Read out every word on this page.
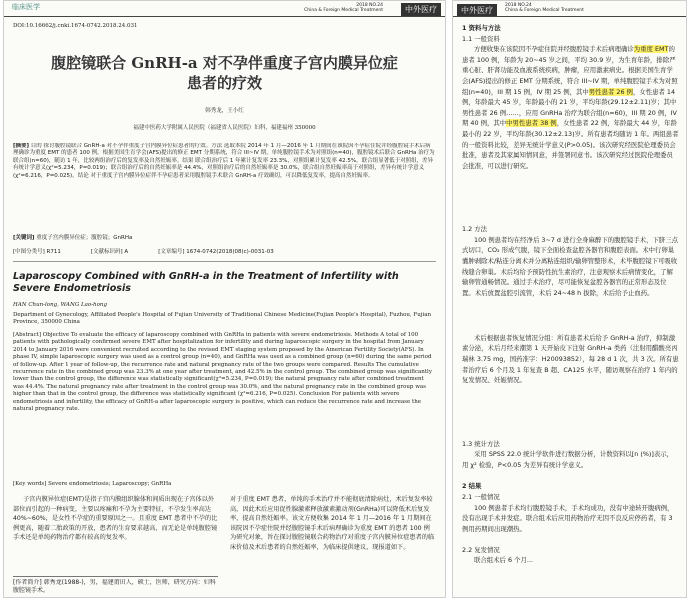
临床医学	2018 NO.24
China & Foreign Medical Treatment	中外医疗
DOI:10.16662/j.cnki.1674-0742.2018.24.031
腹腔镜联合 GnRH-a 对不孕伴重度子宫内膜异位症
患者的疗效
韩秀龙，王小红
福建中医药大学附属人民医院（福建省人民医院）妇科，福建福州 350000
[摘要] 目的 探讨腹腔镜联合 GnRH-a 对不孕伴重度子宫内膜异位症患者的疗效。方法 选取本院 2014 年 1 月—2016 年 1 月期间在该院因不孕症住院并经腹腔镜手术后病理确诊为重度 EMT 的患者 100 例，根据美国生育学会(AFS)提出的修正 EMT 分期系统，符合 III~IV 期，单纯腹腔镜手术为对照组(n=40)，腹腔镜术后联合 GnRHa 治疗为联合组(n=60)，随访 1 年，比较两组治疗后的复发率及自然妊娠率。结果 联合组治疗后 1 年累计复发率 23.3%，对照组累计复发率 42.5%，联合组显著低于对照组，差异有统计学意义(χ²=5.234，P=0.019)；联合组治疗后的自然妊娠率是 44.4%，对照组治疗后的自然妊娠率是 30.0%，联合组自然妊娠率高于对照组，差异有统计学意义(χ²=6.216，P=0.025)。结论 对于重度子宫内膜异位症伴不孕症患者采用腹腔镜手术联合 GnRH-a 疗效确切，可以降低复发率，提高自然妊娠率。
[关键词] 重度子宫内膜异位症；腹腔镜；GnRHa
[中图分类号] R711	[文献标识码] A	[文章编号] 1674-0742(2018)08(c)-0031-03
Laparoscopy Combined with GnRH-a in the Treatment of Infertility with
Severe Endometriosis
HAN Chun-long, WANG Lao-hong
Department of Gynecology, Affiliated People's Hospital of Fujian University of Traditional Chinese Medicine(Fujian People's Hospital), Fuzhou, Fujian Province, 350000 China
[Abstract] Objective To evaluate the efficacy of laparoscopy combined with GnRHa in patients with severe endometriosis. Methods A total of 100 patients with pathologically confirmed severe EMT after hospitalization for infertility and during laparoscopic surgery in the hospital from January 2014 to January 2016 were convenient recruited according to the revised EMT staging system proposed by the American Fertility Society(AFS). In phase IV, simple laparoscopic surgery was used as a control group (n=40), and GnRHa was used as a combined group (n=60) during the same period of follow-up. After 1 year of follow-up, the recurrence rate and natural pregnancy rate of the two groups were compared. Results The cumulative recurrence rate in the combined group was 23.3% at one year after treatment, and 42.5% in the control group. The combined group was significantly lower than the control group, the difference was statistically significant(χ²=5.234, P=0.019); the natural pregnancy rate after combined treatment was 44.4%. The natural pregnancy rate after treatment in the control group was 30.0%, and the natural pregnancy rate in the combined group was higher than that in the control group, the difference was statistically significant (χ²=6.216, P=0.025). Conclusion For patients with severe endometriosis and infertility, the efficacy of GnRH-a after laparoscopic surgery is positive, which can reduce the recurrence rate and increase the natural pregnancy rate.
[Key words] Severe endometriosis; Laparoscopy; GnRHa
子宫内膜异位症(EMT)是指子宫内膜组织腺体和间质出现在子宫体以外部位而引起的一种病变，主要以疼痛和不孕为主要特征，不孕发生率高达 40%~60%，是女性不孕症的重要原因之一。且重度 EMT 患者中不孕的比例更高，随着二胎政策的开放，患者的生育要求越高，而无论是单纯腹腔镜手术还是单纯药物治疗都有较高的复发率。
对于重度 EMT 患者，单纯的手术治疗并不能彻底清除病灶，术后复发率较高，因此术后应用促性腺激素释放激素激动剂(GnRHa)可以降低术后复发率，提高自然妊娠率。该文方便收集 2014 年 1 月—2016 年 1 月期间在该院因不孕症住院并经腹腔镜手术后病理确诊为重度 EMT 的患者 100 例为研究对象，旨在探讨腹腔镜联合药物治疗对重度子宫内膜异位症患者的临床价值及术后患者的自然妊娠率，为临床提供建议，现报道如下。
[作者简介] 韩秀龙(1988-)，男，福建莆田人，硕士，医师，研究方向：妇科腹腔镜手术。
中外医疗
2018 NO.24
China & Foreign Medical Treatment
1 资料与方法
1.1 一般资料
方便收集在该院因不孕症住院并经腹腔镜手术后病理确诊为重度 EMT的患者 100 例，年龄为 20~45 岁之间，平均 30.9 岁，为生育年龄，排除严重心脏、肝肾功能及血液系统疾病，肿瘤，应用激素病史。根据美国生育学会(AFS)提出的修正 EMT 分期系统，符合 III~IV 期，单纯腹腔镜手术为对照组(n=40)，III 期 15 例，IV 期 25 例，其中男性患者 26 例，女性患者 14 例，年龄最大 45 岁，年龄最小的 21 岁，平均年龄(29.12±2.11)岁；其中男性患者 26 例……，应用 GnRHa 治疗为联合组(n=60)，III 期 20 例，IV 期 40 例，其中中男性患者 38 例，女性患者 22 例，年龄最大 44 岁，年龄最小的 22 岁，平均年龄(30.12±2.13)岁。所有患者均随访 1 年。两组患者的一般资料比较，差异无统计学意义(P>0.05)。该次研究经医院伦理委员会批准，患者及其家属知情同意，并签署同意书。该次研究经过医院伦理委员会批准，可以进行研究。
1.2 方法
100 例患者均在经净后 3~7 d 进行全身麻醉下的腹腔镜手术，下脐三点式切口，CO₂ 形成气腹，镜下全面检查盆腔各器官和腹腔表面。术中行卵巢囊肿剥除术/粘连分离术并分离粘连组织/输卵管整形术，术毕腹腔镜下可吸收线缝合卵巢。术后均给予预防性抗生素治疗，注意观察术后病情变化，了解输卵管通畅情况。通过手术治疗，尽可能恢复盆腔各器官的正常形态及位置。术后放置盆腔引流管，术后 24~48 h 拔除，术后给予止血药。
术后根据患者恢复情况分组：所有患者术后给予 GnRH-a 治疗，抑制激素分泌，术后月经来潮第 1 天开始皮下注射 GnRH-a 类药（注射用醋酸亮丙瑞林 3.75 mg，国药准字：H20093852），每 28 d 1 次，共 3 次。所有患者治疗后 6 个月及 1 年复查 B 超、CA125 水平，随访观察在治疗 1 年内的复发情况、妊娠情况。
1.3 统计方法
采用 SPSS 22.0 统计学软件进行数据分析，计数资料以[n (%)]表示，用 χ² 检验，P<0.05 为差异有统计学意义。
2 结果
2.1 一般情况
100 例患者手术均行腹腔镜手术，手术均成功，没有中途转开腹病例，没有出现手术并发症。联合组术后应用药物治疗无因不良反应停药者，有 3 例用药期间出现潮热。
2.2 复发情况
联合组术后 6 个月...
